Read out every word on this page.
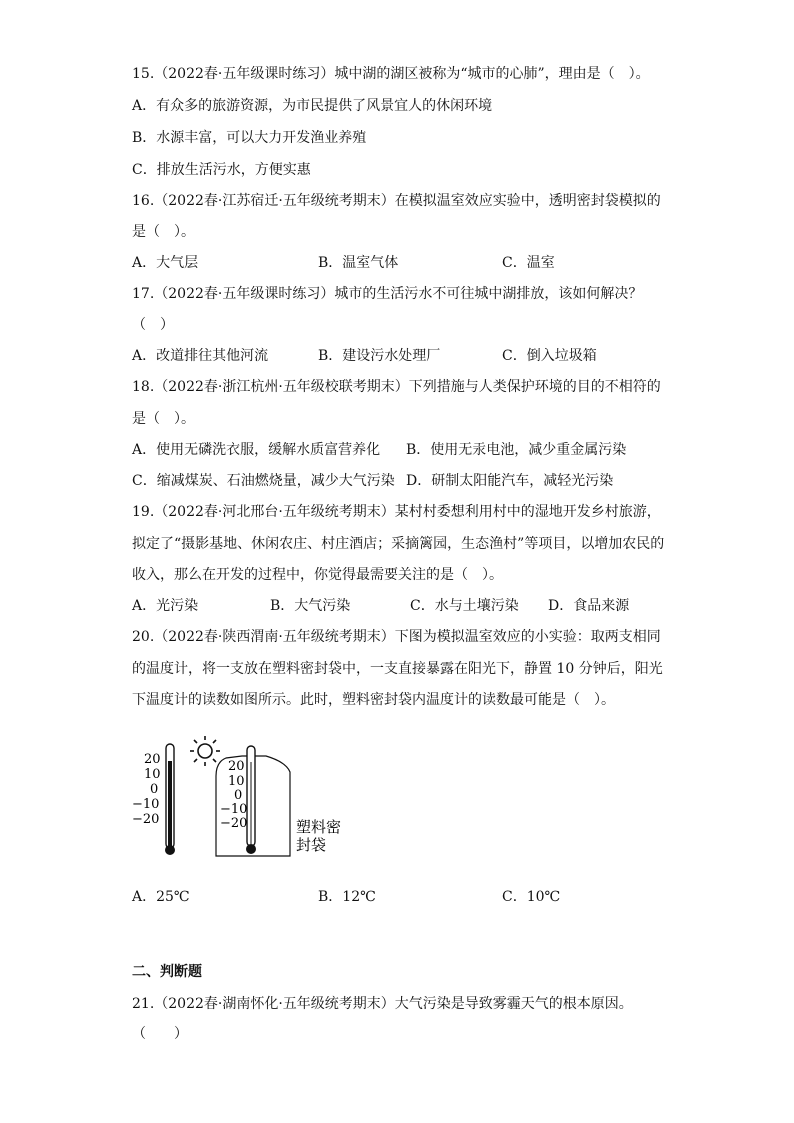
15.（2022春·五年级课时练习）城中湖的湖区被称为“城市的心肺”，理由是（　）。
A．有众多的旅游资源，为市民提供了风景宜人的休闲环境
B．水源丰富，可以大力开发渔业养殖
C．排放生活污水，方便实惠
16.（2022春·江苏宿迁·五年级统考期末）在模拟温室效应实验中，透明密封袋模拟的
是（　）。
A．大气层	B．温室气体	C．温室
17.（2022春·五年级课时练习）城市的生活污水不可往城中湖排放，该如何解决？
（　）
A．改道排往其他河流	B．建设污水处理厂	C．倒入垃圾箱
18.（2022春·浙江杭州·五年级校联考期末）下列措施与人类保护环境的目的不相符的
是（　）。
A．使用无磷洗衣服，缓解水质富营养化 B．使用无汞电池，减少重金属污染
C．缩减煤炭、石油燃烧量，减少大气污染 D．研制太阳能汽车，减轻光污染
19.（2022春·河北邢台·五年级统考期末）某村村委想利用村中的湿地开发乡村旅游，
拟定了“摄影基地、休闲农庄、村庄酒店；采摘篱园，生态渔村”等项目，以增加农民的
收入，那么在开发的过程中，你觉得最需要关注的是（　）。
A．光污染	B．大气污染	C．水与土壤污染 D．食品来源
20.（2022春·陕西渭南·五年级统考期末）下图为模拟温室效应的小实验：取两支相同
的温度计，将一支放在塑料密封袋中，一支直接暴露在阳光下，静置 10 分钟后，阳光
下温度计的读数如图所示。此时，塑料密封袋内温度计的读数最可能是（　）。
20
10
0
−10
−20
20
10
0
−10
−20	塑料密
封袋
A．25℃	B．12℃	C．10℃
二、判断题
21.（2022春·湖南怀化·五年级统考期末）大气污染是导致雾霾天气的根本原因。
（　　）
